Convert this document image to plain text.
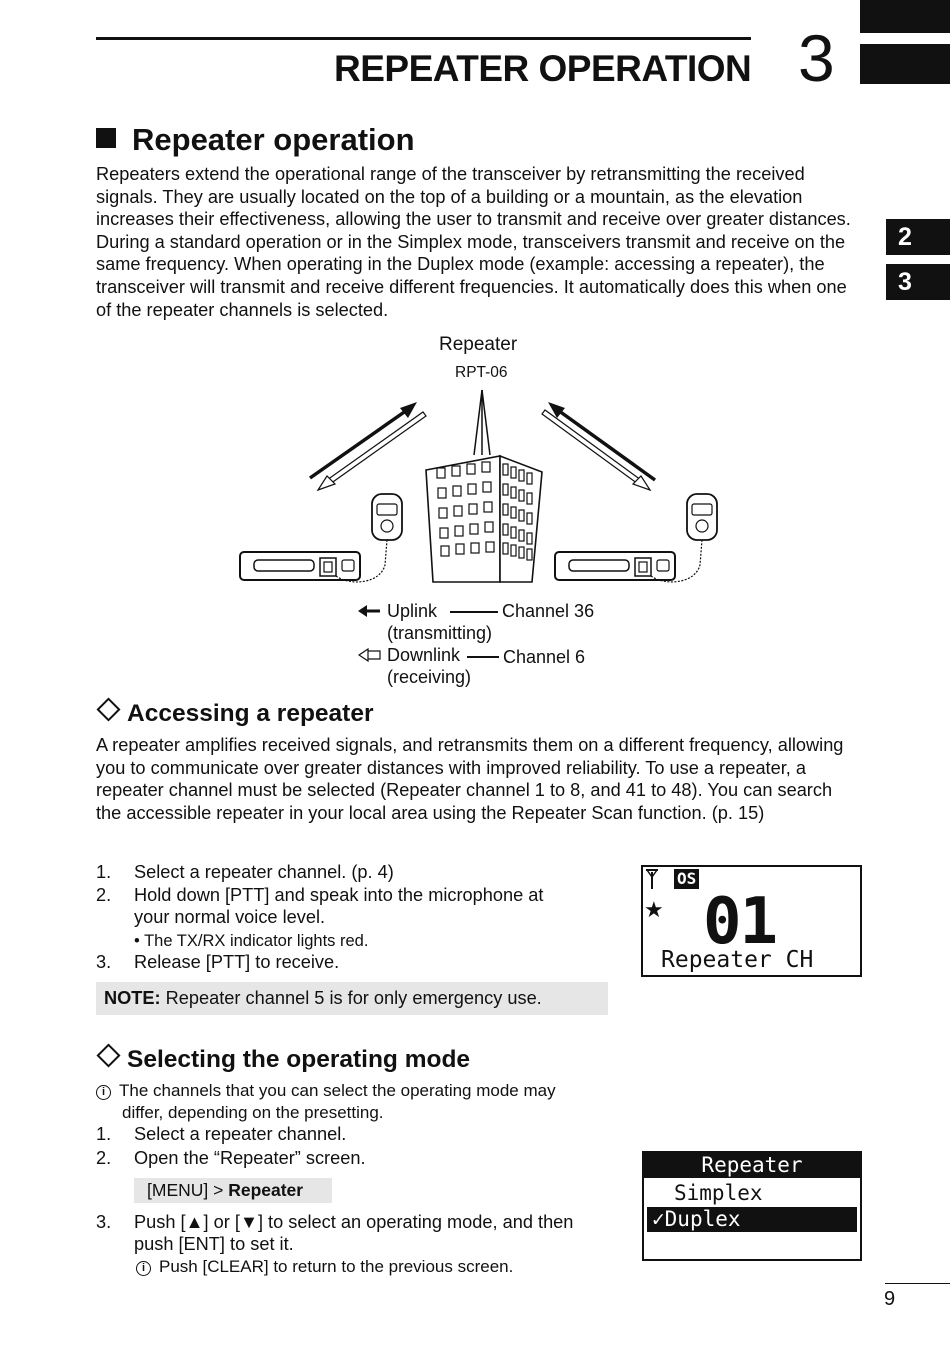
REPEATER OPERATION 3
2
3
Repeater operation
Repeaters extend the operational range of the transceiver by retransmitting the received signals. They are usually located on the top of a building or a mountain, as the elevation increases their effectiveness, allowing the user to transmit and receive over greater distances. During a standard operation or in the Simplex mode, transceivers transmit and receive on the same frequency. When operating in the Duplex mode (example: accessing a repeater), the transceiver will transmit and receive different frequencies. It automatically does this when one of the repeater channels is selected.
Repeater
RPT-06
Uplink	Channel 36
(transmitting)
Downlink Channel 6
(receiving)
Accessing a repeater
A repeater amplifies received signals, and retransmits them on a different frequency, allowing you to communicate over greater distances with improved reliability. To use a repeater, a repeater channel must be selected (Repeater channel 1 to 8, and 41 to 48). You can search the accessible repeater in your local area using the Repeater Scan function. (p. 15)
1. Select a repeater channel. (p. 4)
2. Hold down [PTT] and speak into the microphone at
your normal voice level.
• The TX/RX indicator lights red.
3. Release [PTT] to receive.
NOTE: Repeater channel 5 is for only emergency use.
OS
★ 01
Repeater CH
Selecting the operating mode
i The channels that you can select the operating mode may
differ, depending on the presetting.
1. Select a repeater channel.
2. Open the “Repeater” screen.
[MENU] > Repeater
3. Push [▲] or [▼] to select an operating mode, and then
push [ENT] to set it.
i Push [CLEAR] to return to the previous screen.
Repeater
Simplex
✓Duplex
9
